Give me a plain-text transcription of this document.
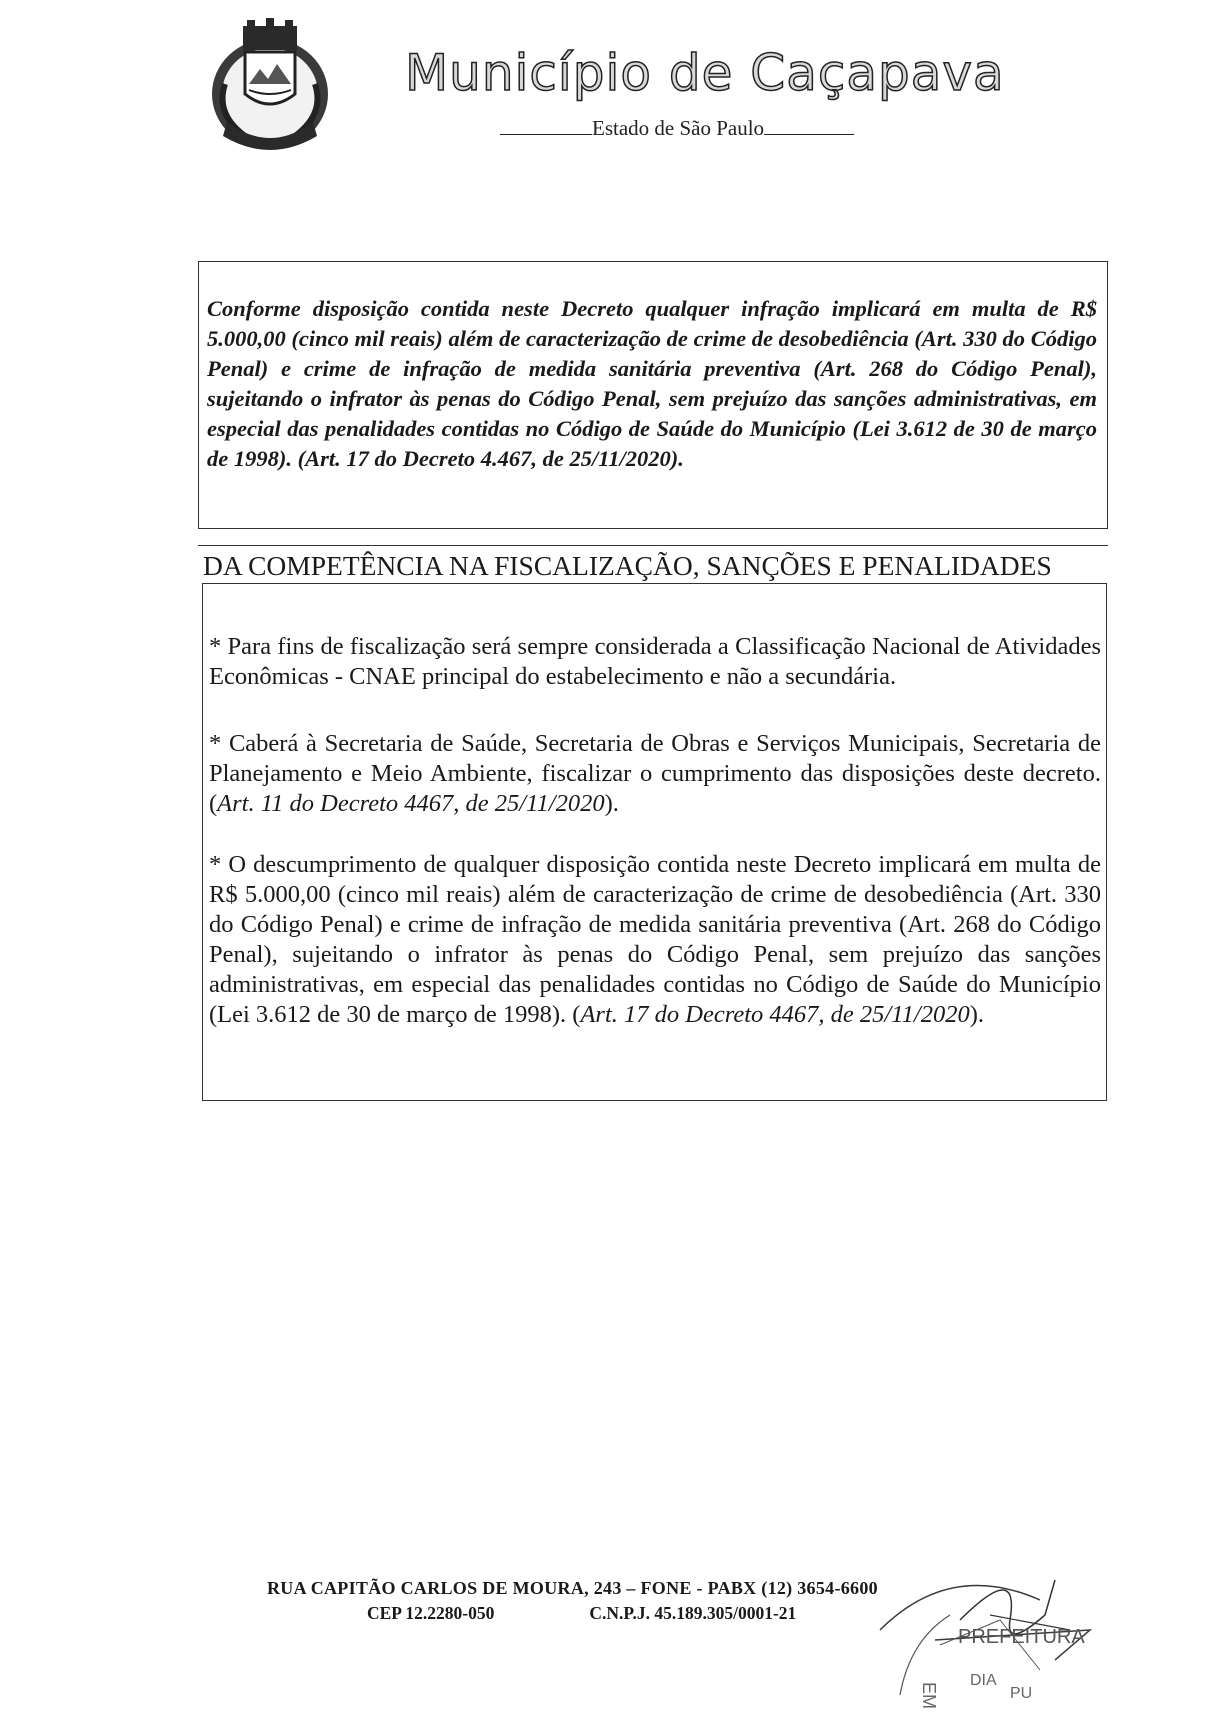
Município de Caçapava
Estado de São Paulo

Conforme disposição contida neste Decreto qualquer infração implicará em multa de R$ 5.000,00 (cinco mil reais) além de caracterização de crime de desobediência (Art. 330 do Código Penal) e crime de infração de medida sanitária preventiva (Art. 268 do Código Penal), sujeitando o infrator às penas do Código Penal, sem prejuízo das sanções administrativas, em especial das penalidades contidas no Código de Saúde do Município (Lei 3.612 de 30 de março de 1998). (Art. 17 do Decreto 4.467, de 25/11/2020).

DA COMPETÊNCIA NA FISCALIZAÇÃO, SANÇÕES E PENALIDADES

* Para fins de fiscalização será sempre considerada a Classificação Nacional de Atividades Econômicas - CNAE principal do estabelecimento e não a secundária.

* Caberá à Secretaria de Saúde, Secretaria de Obras e Serviços Municipais, Secretaria de Planejamento e Meio Ambiente, fiscalizar o cumprimento das disposições deste decreto. (Art. 11 do Decreto 4467, de 25/11/2020).

* O descumprimento de qualquer disposição contida neste Decreto implicará em multa de R$ 5.000,00 (cinco mil reais) além de caracterização de crime de desobediência (Art. 330 do Código Penal) e crime de infração de medida sanitária preventiva (Art. 268 do Código Penal), sujeitando o infrator às penas do Código Penal, sem prejuízo das sanções administrativas, em especial das penalidades contidas no Código de Saúde do Município (Lei 3.612 de 30 de março de 1998). (Art. 17 do Decreto 4467, de 25/11/2020).

RUA CAPITÃO CARLOS DE MOURA, 243 – FONE - PABX (12) 3654-6600
CEP 12.2280-050	C.N.P.J. 45.189.305/0001-21
PREFEITURA
EM
DIA
PU
